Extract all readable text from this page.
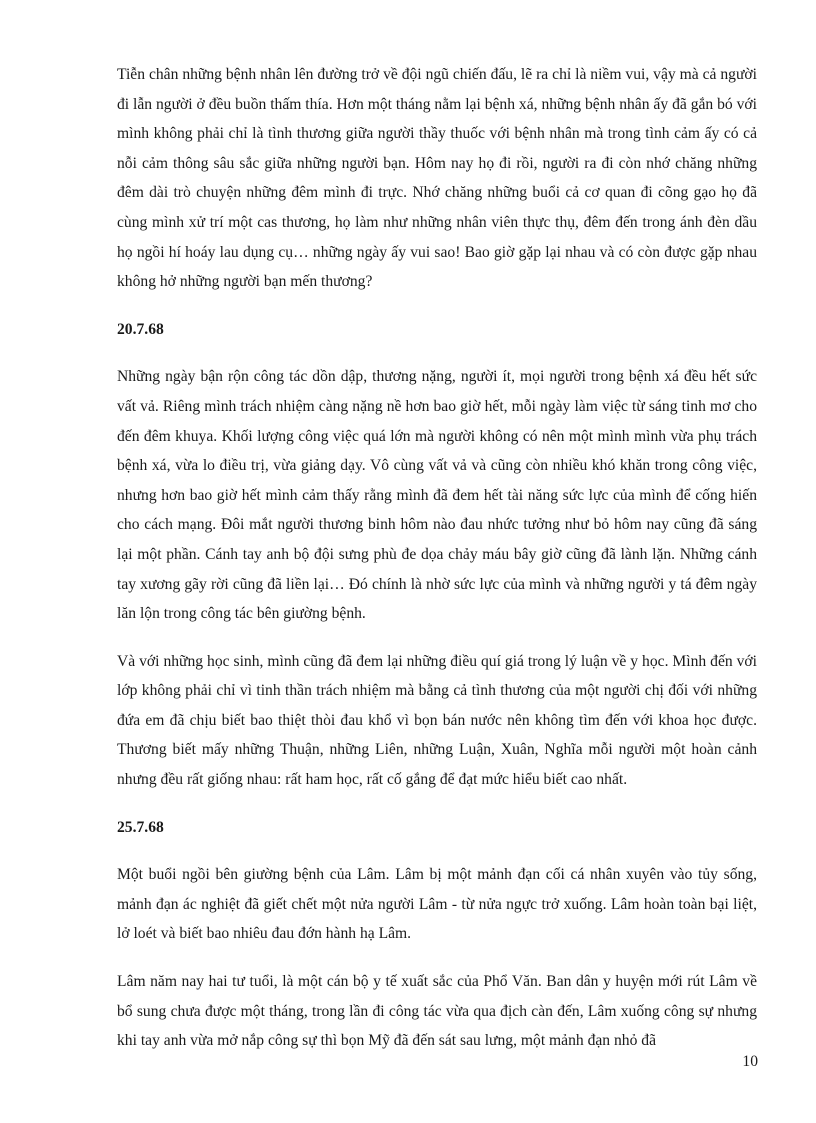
Tiễn chân những bệnh nhân lên đường trở về đội ngũ chiến đấu, lẽ ra chỉ là niềm vui, vậy mà cả người đi lẫn người ở đều buồn thấm thía. Hơn một tháng nằm lại bệnh xá, những bệnh nhân ấy đã gắn bó với mình không phải chỉ là tình thương giữa người thầy thuốc với bệnh nhân mà trong tình cảm ấy có cả nỗi cảm thông sâu sắc giữa những người bạn. Hôm nay họ đi rồi, người ra đi còn nhớ chăng những đêm dài trò chuyện những đêm mình đi trực. Nhớ chăng những buổi cả cơ quan đi cõng gạo họ đã cùng mình xử trí một cas thương, họ làm như những nhân viên thực thụ, đêm đến trong ánh đèn dầu họ ngồi hí hoáy lau dụng cụ… những ngày ấy vui sao! Bao giờ gặp lại nhau và có còn được gặp nhau không hở những người bạn mến thương?

20.7.68

Những ngày bận rộn công tác dồn dập, thương nặng, người ít, mọi người trong bệnh xá đều hết sức vất vả. Riêng mình trách nhiệm càng nặng nề hơn bao giờ hết, mỗi ngày làm việc từ sáng tinh mơ cho đến đêm khuya. Khối lượng công việc quá lớn mà người không có nên một mình mình vừa phụ trách bệnh xá, vừa lo điều trị, vừa giảng dạy. Vô cùng vất vả và cũng còn nhiều khó khăn trong công việc, nhưng hơn bao giờ hết mình cảm thấy rằng mình đã đem hết tài năng sức lực của mình để cống hiến cho cách mạng. Đôi mắt người thương binh hôm nào đau nhức tưởng như bỏ hôm nay cũng đã sáng lại một phần. Cánh tay anh bộ đội sưng phù đe dọa chảy máu bây giờ cũng đã lành lặn. Những cánh tay xương gãy rời cũng đã liền lại… Đó chính là nhờ sức lực của mình và những người y tá đêm ngày lăn lộn trong công tác bên giường bệnh.

Và với những học sinh, mình cũng đã đem lại những điều quí giá trong lý luận về y học. Mình đến với lớp không phải chỉ vì tinh thần trách nhiệm mà bằng cả tình thương của một người chị đối với những đứa em đã chịu biết bao thiệt thòi đau khổ vì bọn bán nước nên không tìm đến với khoa học được. Thương biết mấy những Thuận, những Liên, những Luận, Xuân, Nghĩa mỗi người một hoàn cảnh nhưng đều rất giống nhau: rất ham học, rất cố gắng để đạt mức hiểu biết cao nhất.

25.7.68

Một buổi ngồi bên giường bệnh của Lâm. Lâm bị một mảnh đạn cối cá nhân xuyên vào tủy sống, mảnh đạn ác nghiệt đã giết chết một nửa người Lâm - từ nửa ngực trở xuống. Lâm hoàn toàn bại liệt, lở loét và biết bao nhiêu đau đớn hành hạ Lâm.

Lâm năm nay hai tư tuổi, là một cán bộ y tế xuất sắc của Phổ Văn. Ban dân y huyện mới rút Lâm về bổ sung chưa được một tháng, trong lần đi công tác vừa qua địch càn đến, Lâm xuống công sự nhưng khi tay anh vừa mở nắp công sự thì bọn Mỹ đã đến sát sau lưng, một mảnh đạn nhỏ đã

10
